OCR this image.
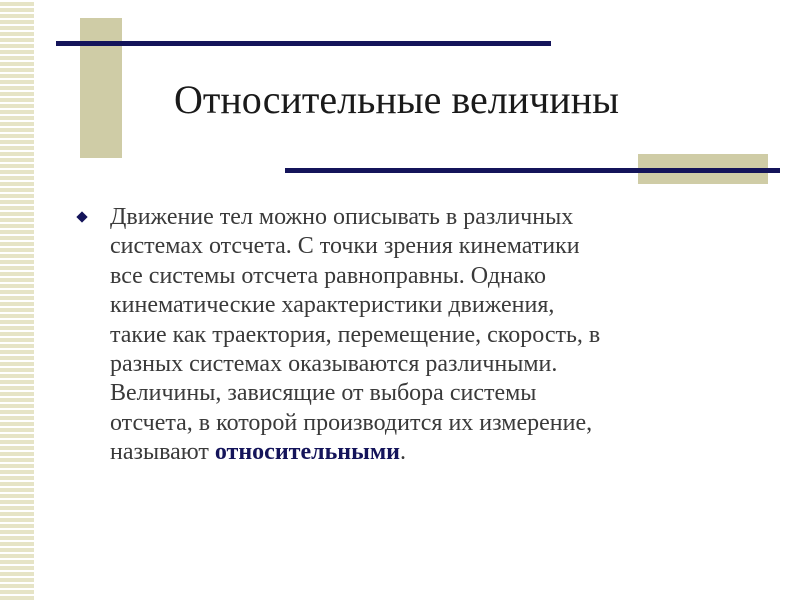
Относительные величины

Движение тел можно описывать в различных
системах отсчета. С точки зрения кинематики
все системы отсчета равноправны. Однако
кинематические характеристики движения,
такие как траектория, перемещение, скорость, в
разных системах оказываются различными.
Величины, зависящие от выбора системы
отсчета, в которой производится их измерение,
называют относительными.
